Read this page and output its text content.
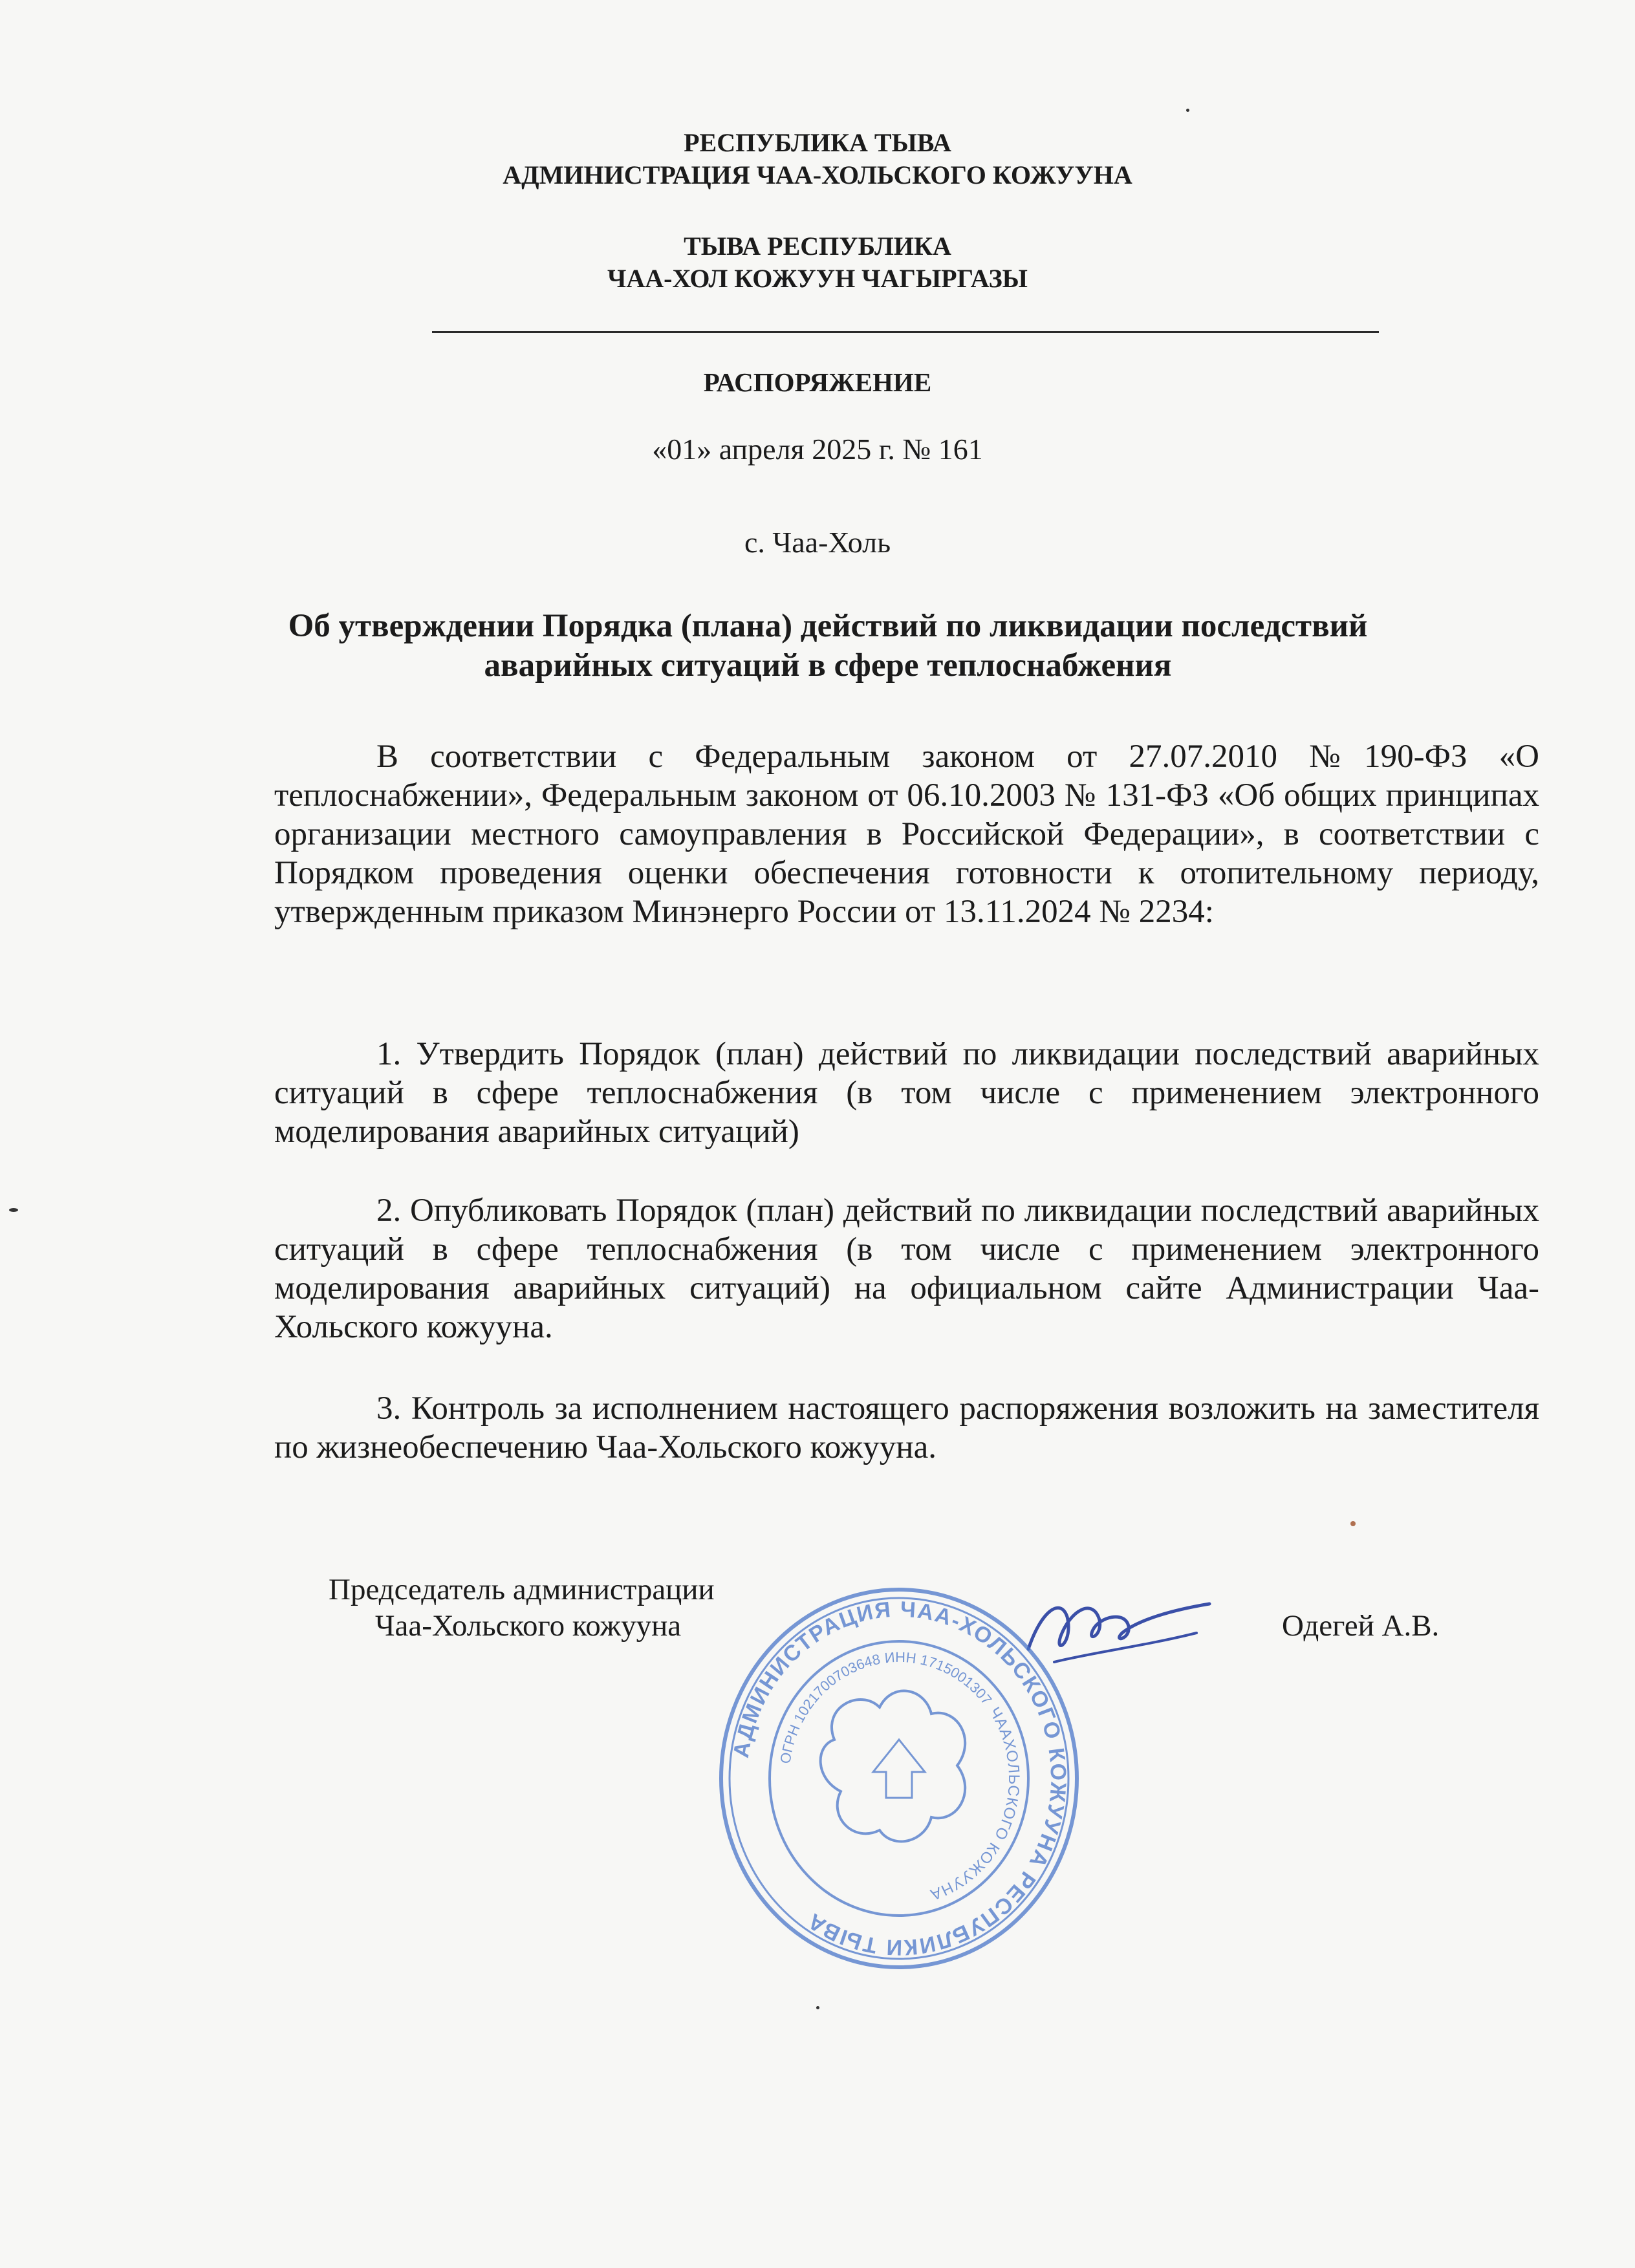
РЕСПУБЛИКА ТЫВА
АДМИНИСТРАЦИЯ ЧАА-ХОЛЬСКОГО КОЖУУНА
ТЫВА РЕСПУБЛИКА
ЧАА-ХОЛ КОЖУУН ЧАГЫРГАЗЫ
РАСПОРЯЖЕНИЕ
«01» апреля 2025 г. № 161
с. Чаа-Холь
Об утверждении Порядка (плана) действий по ликвидации последствий аварийных ситуаций в сфере теплоснабжения

В соответствии с Федеральным законом от 27.07.2010 №190-ФЗ «О теплоснабжении», Федеральным законом от 06.10.2003 № 131-ФЗ «Об общих принципах организации местного самоуправления в Российской Федерации», в соответствии с Порядком проведения оценки обеспечения готовности к отопительному периоду, утвержденным приказом Минэнерго России от 13.11.2024 № 2234:

1. Утвердить Порядок (план) действий по ликвидации последствий аварийных ситуаций в сфере теплоснабжения (в том числе с применением электронного моделирования аварийных ситуаций)

2. Опубликовать Порядок (план) действий по ликвидации последствий аварийных ситуаций в сфере теплоснабжения (в том числе с применением электронного моделирования аварийных ситуаций) на официальном сайте Администрации Чаа-Хольского кожууна.

3. Контроль за исполнением настоящего распоряжения возложить на заместителя по жизнеобеспечению Чаа-Хольского кожууна.

Председатель администрации
Чаа-Хольского кожууна	Одегей А.В.
АДМИНИСТРАЦИЯ ЧАА-ХОЛЬСКОГО КОЖУУНА РЕСПУБЛИКИ ТЫВА
ЧААХОЛЬСКОГО КОЖУУНА
ОГРН 1021700703648 ИНН 1715001307
